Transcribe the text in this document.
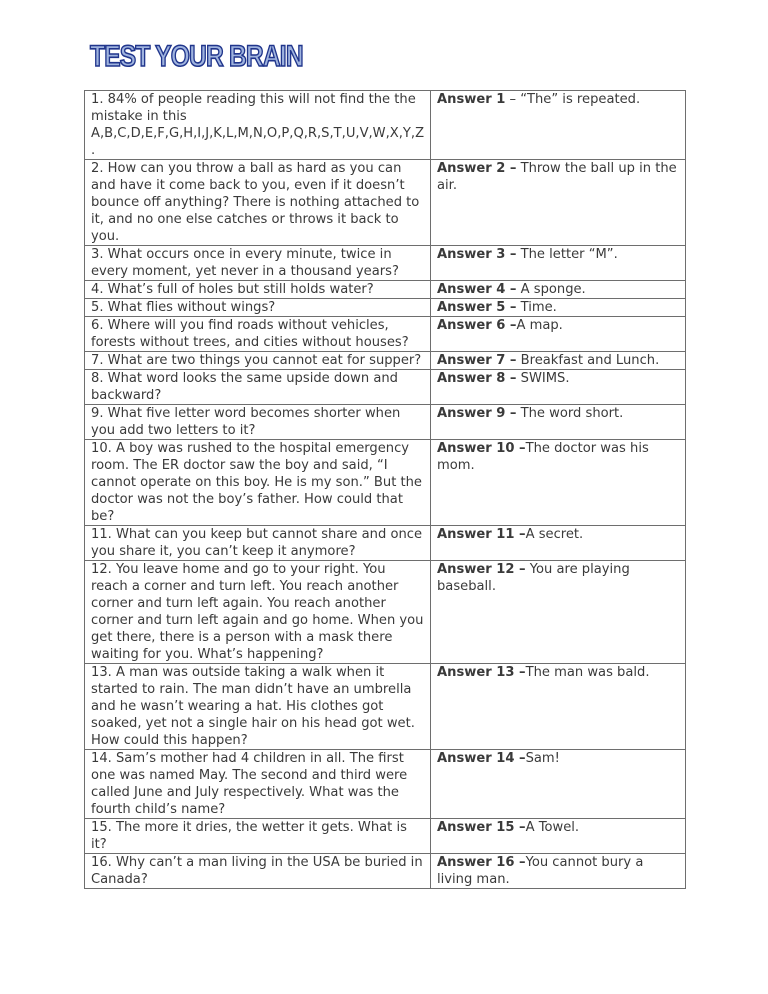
TEST YOUR BRAIN
1. 84% of people reading this will not find the the mistake in this A,B,C,D,E,F,G,H,I,J,K,L,M,N,O,P,Q,R,S,T,U,V,W,X,Y,Z.	Answer 1 – “The” is repeated.
2. How can you throw a ball as hard as you can and have it come back to you, even if it doesn’t bounce off anything? There is nothing attached to it, and no one else catches or throws it back to you.	Answer 2 – Throw the ball up in the air.
3. What occurs once in every minute, twice in every moment, yet never in a thousand years?	Answer 3 – The letter “M”.
4. What’s full of holes but still holds water?	Answer 4 – A sponge.
5. What flies without wings?	Answer 5 – Time.
6. Where will you find roads without vehicles, forests without trees, and cities without houses?	Answer 6 –A map.
7. What are two things you cannot eat for supper?	Answer 7 – Breakfast and Lunch.
8. What word looks the same upside down and backward?	Answer 8 – SWIMS.
9. What five letter word becomes shorter when you add two letters to it?	Answer 9 – The word short.
10. A boy was rushed to the hospital emergency room. The ER doctor saw the boy and said, “I cannot operate on this boy. He is my son.” But the doctor was not the boy’s father. How could that be?	Answer 10 –The doctor was his mom.
11. What can you keep but cannot share and once you share it, you can’t keep it anymore?	Answer 11 –A secret.
12. You leave home and go to your right. You reach a corner and turn left. You reach another corner and turn left again. You reach another corner and turn left again and go home. When you get there, there is a person with a mask there waiting for you. What’s happening?	Answer 12 – You are playing baseball.
13. A man was outside taking a walk when it started to rain. The man didn’t have an umbrella and he wasn’t wearing a hat. His clothes got soaked, yet not a single hair on his head got wet. How could this happen?	Answer 13 –The man was bald.
14. Sam’s mother had 4 children in all. The first one was named May. The second and third were called June and July respectively. What was the fourth child’s name?	Answer 14 –Sam!
15. The more it dries, the wetter it gets. What is it?	Answer 15 –A Towel.
16. Why can’t a man living in the USA be buried in Canada?	Answer 16 –You cannot bury a living man.
